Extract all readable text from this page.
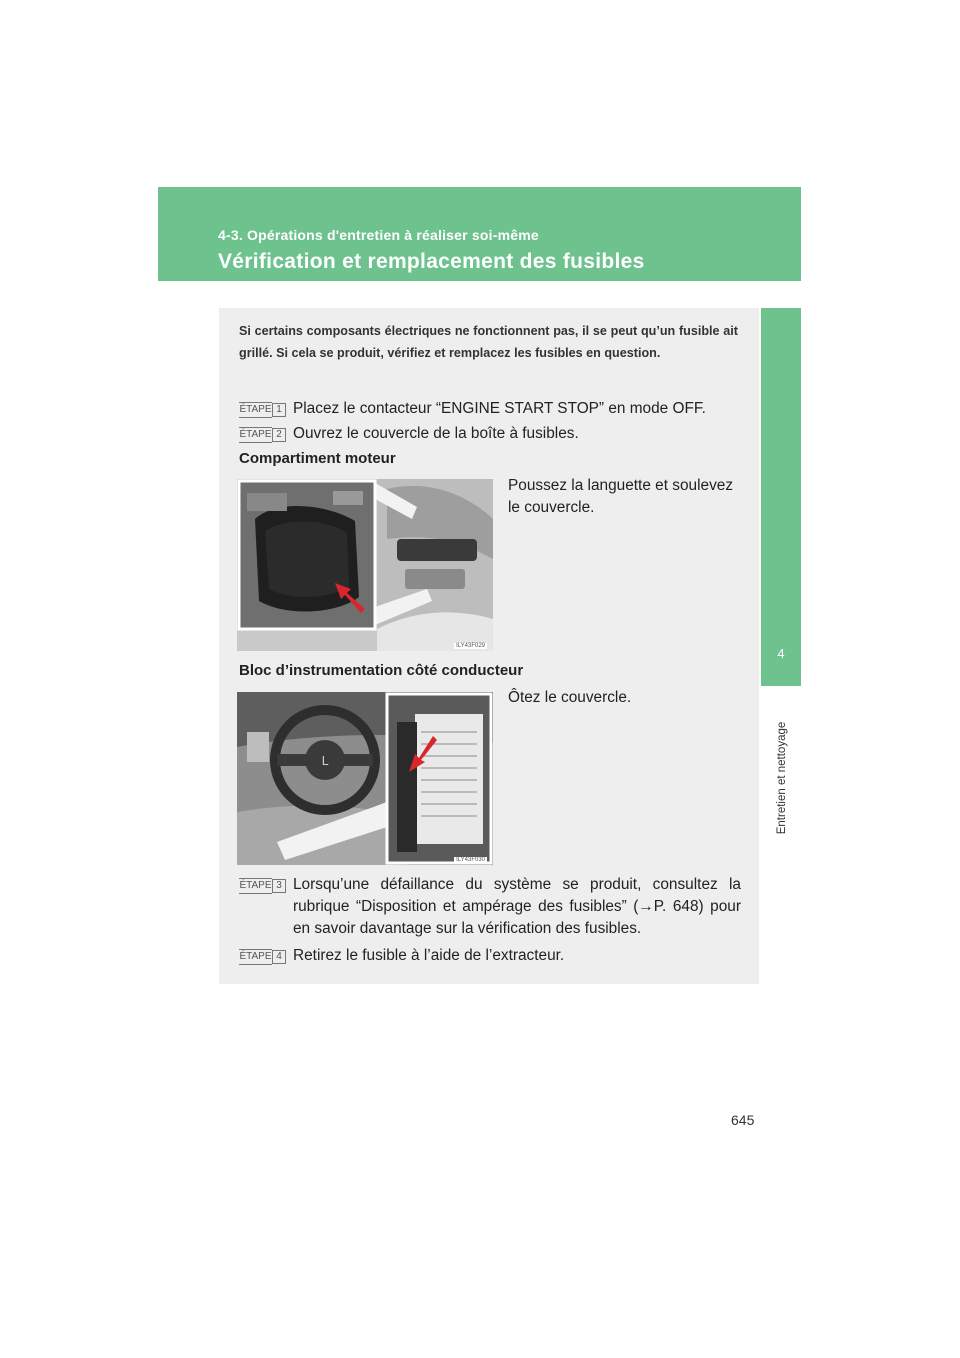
4-3. Opérations d'entretien à réaliser soi-même
Vérification et remplacement des fusibles
4
Entretien et nettoyage
Si certains composants électriques ne fonctionnent pas, il se peut qu’un fusible ait grillé. Si cela se produit, vérifiez et remplacez les fusibles en question.
ÉTAPE 1 Placez le contacteur “ENGINE START STOP” en mode OFF.
ÉTAPE 2 Ouvrez le couvercle de la boîte à fusibles.
Compartiment moteur
Poussez la languette et soulevez le couvercle.
ILY43F029
Bloc d’instrumentation côté conducteur
Ôtez le couvercle.
L
ILY43F030
ÉTAPE 3 Lorsqu’une défaillance du système se produit, consultez la rubrique “Disposition et ampérage des fusibles” (→P. 648) pour en savoir davantage sur la vérification des fusibles.
ÉTAPE 4 Retirez le fusible à l’aide de l’extracteur.
645
